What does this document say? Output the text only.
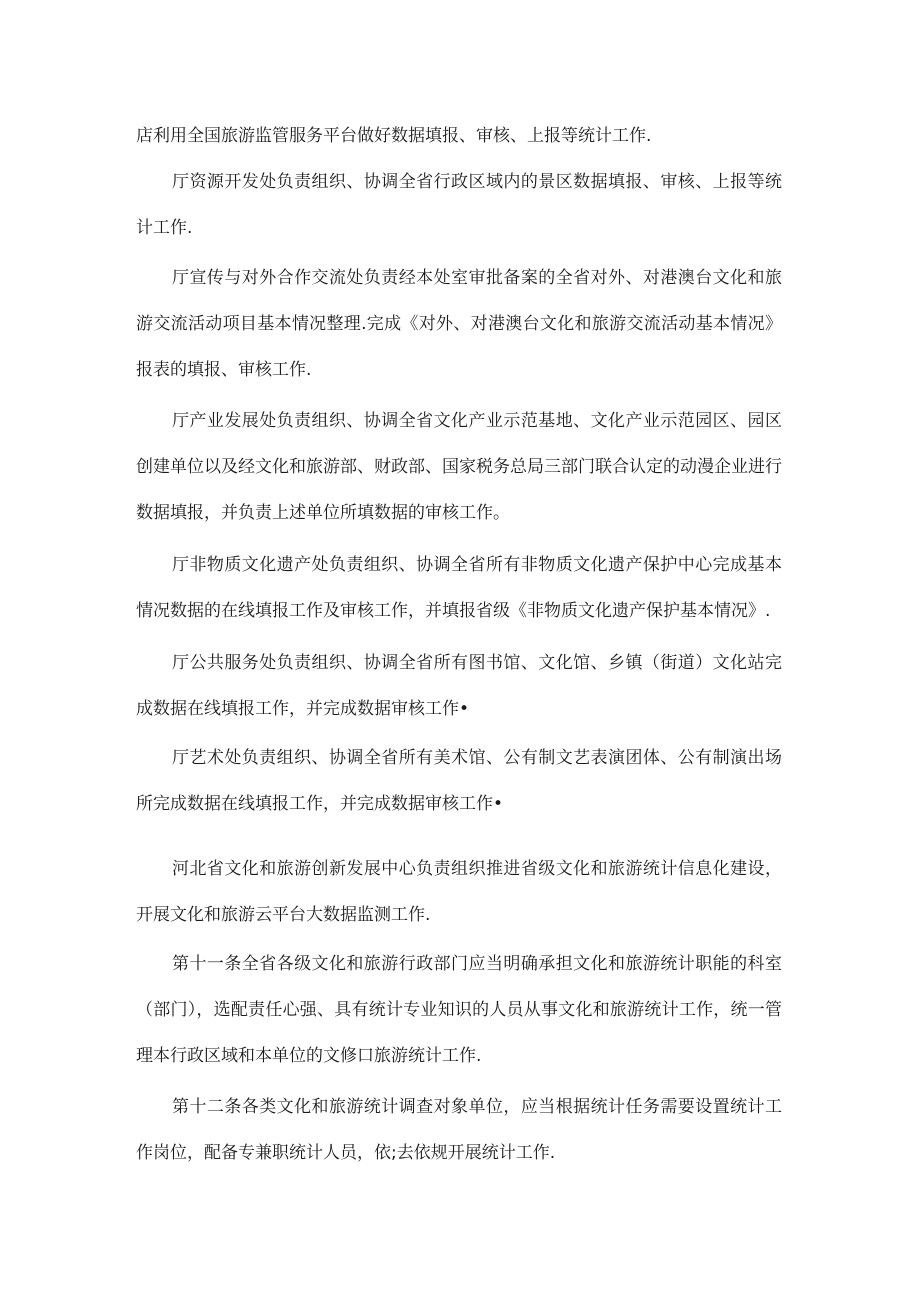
店利用全国旅游监管服务平台做好数据填报、审核、上报等统计工作.

厅资源开发处负责组织、协调全省行政区域内的景区数据填报、审核、上报等统计工作.

厅宣传与对外合作交流处负责经本处室审批备案的全省对外、对港澳台文化和旅游交流活动项目基本情况整理.完成《对外、对港澳台文化和旅游交流活动基本情况》报表的填报、审核工作.

厅产业发展处负责组织、协调全省文化产业示范基地、文化产业示范园区、园区创建单位以及经文化和旅游部、财政部、国家税务总局三部门联合认定的动漫企业进行数据填报，并负责上述单位所填数据的审核工作。

厅非物质文化遗产处负责组织、协调全省所有非物质文化遗产保护中心完成基本情况数据的在线填报工作及审核工作，并填报省级《非物质文化遗产保护基本情况》.

厅公共服务处负责组织、协调全省所有图书馆、文化馆、乡镇（街道）文化站完成数据在线填报工作，并完成数据审核工作•

厅艺术处负责组织、协调全省所有美术馆、公有制文艺表演团体、公有制演出场所完成数据在线填报工作，并完成数据审核工作•

河北省文化和旅游创新发展中心负责组织推进省级文化和旅游统计信息化建设，开展文化和旅游云平台大数据监测工作.

第十一条全省各级文化和旅游行政部门应当明确承担文化和旅游统计职能的科室（部门），选配责任心强、具有统计专业知识的人员从事文化和旅游统计工作，统一管理本行政区域和本单位的文修口旅游统计工作.

第十二条各类文化和旅游统计调查对象单位，应当根据统计任务需要设置统计工作岗位，配备专兼职统计人员，依;去依规开展统计工作.
